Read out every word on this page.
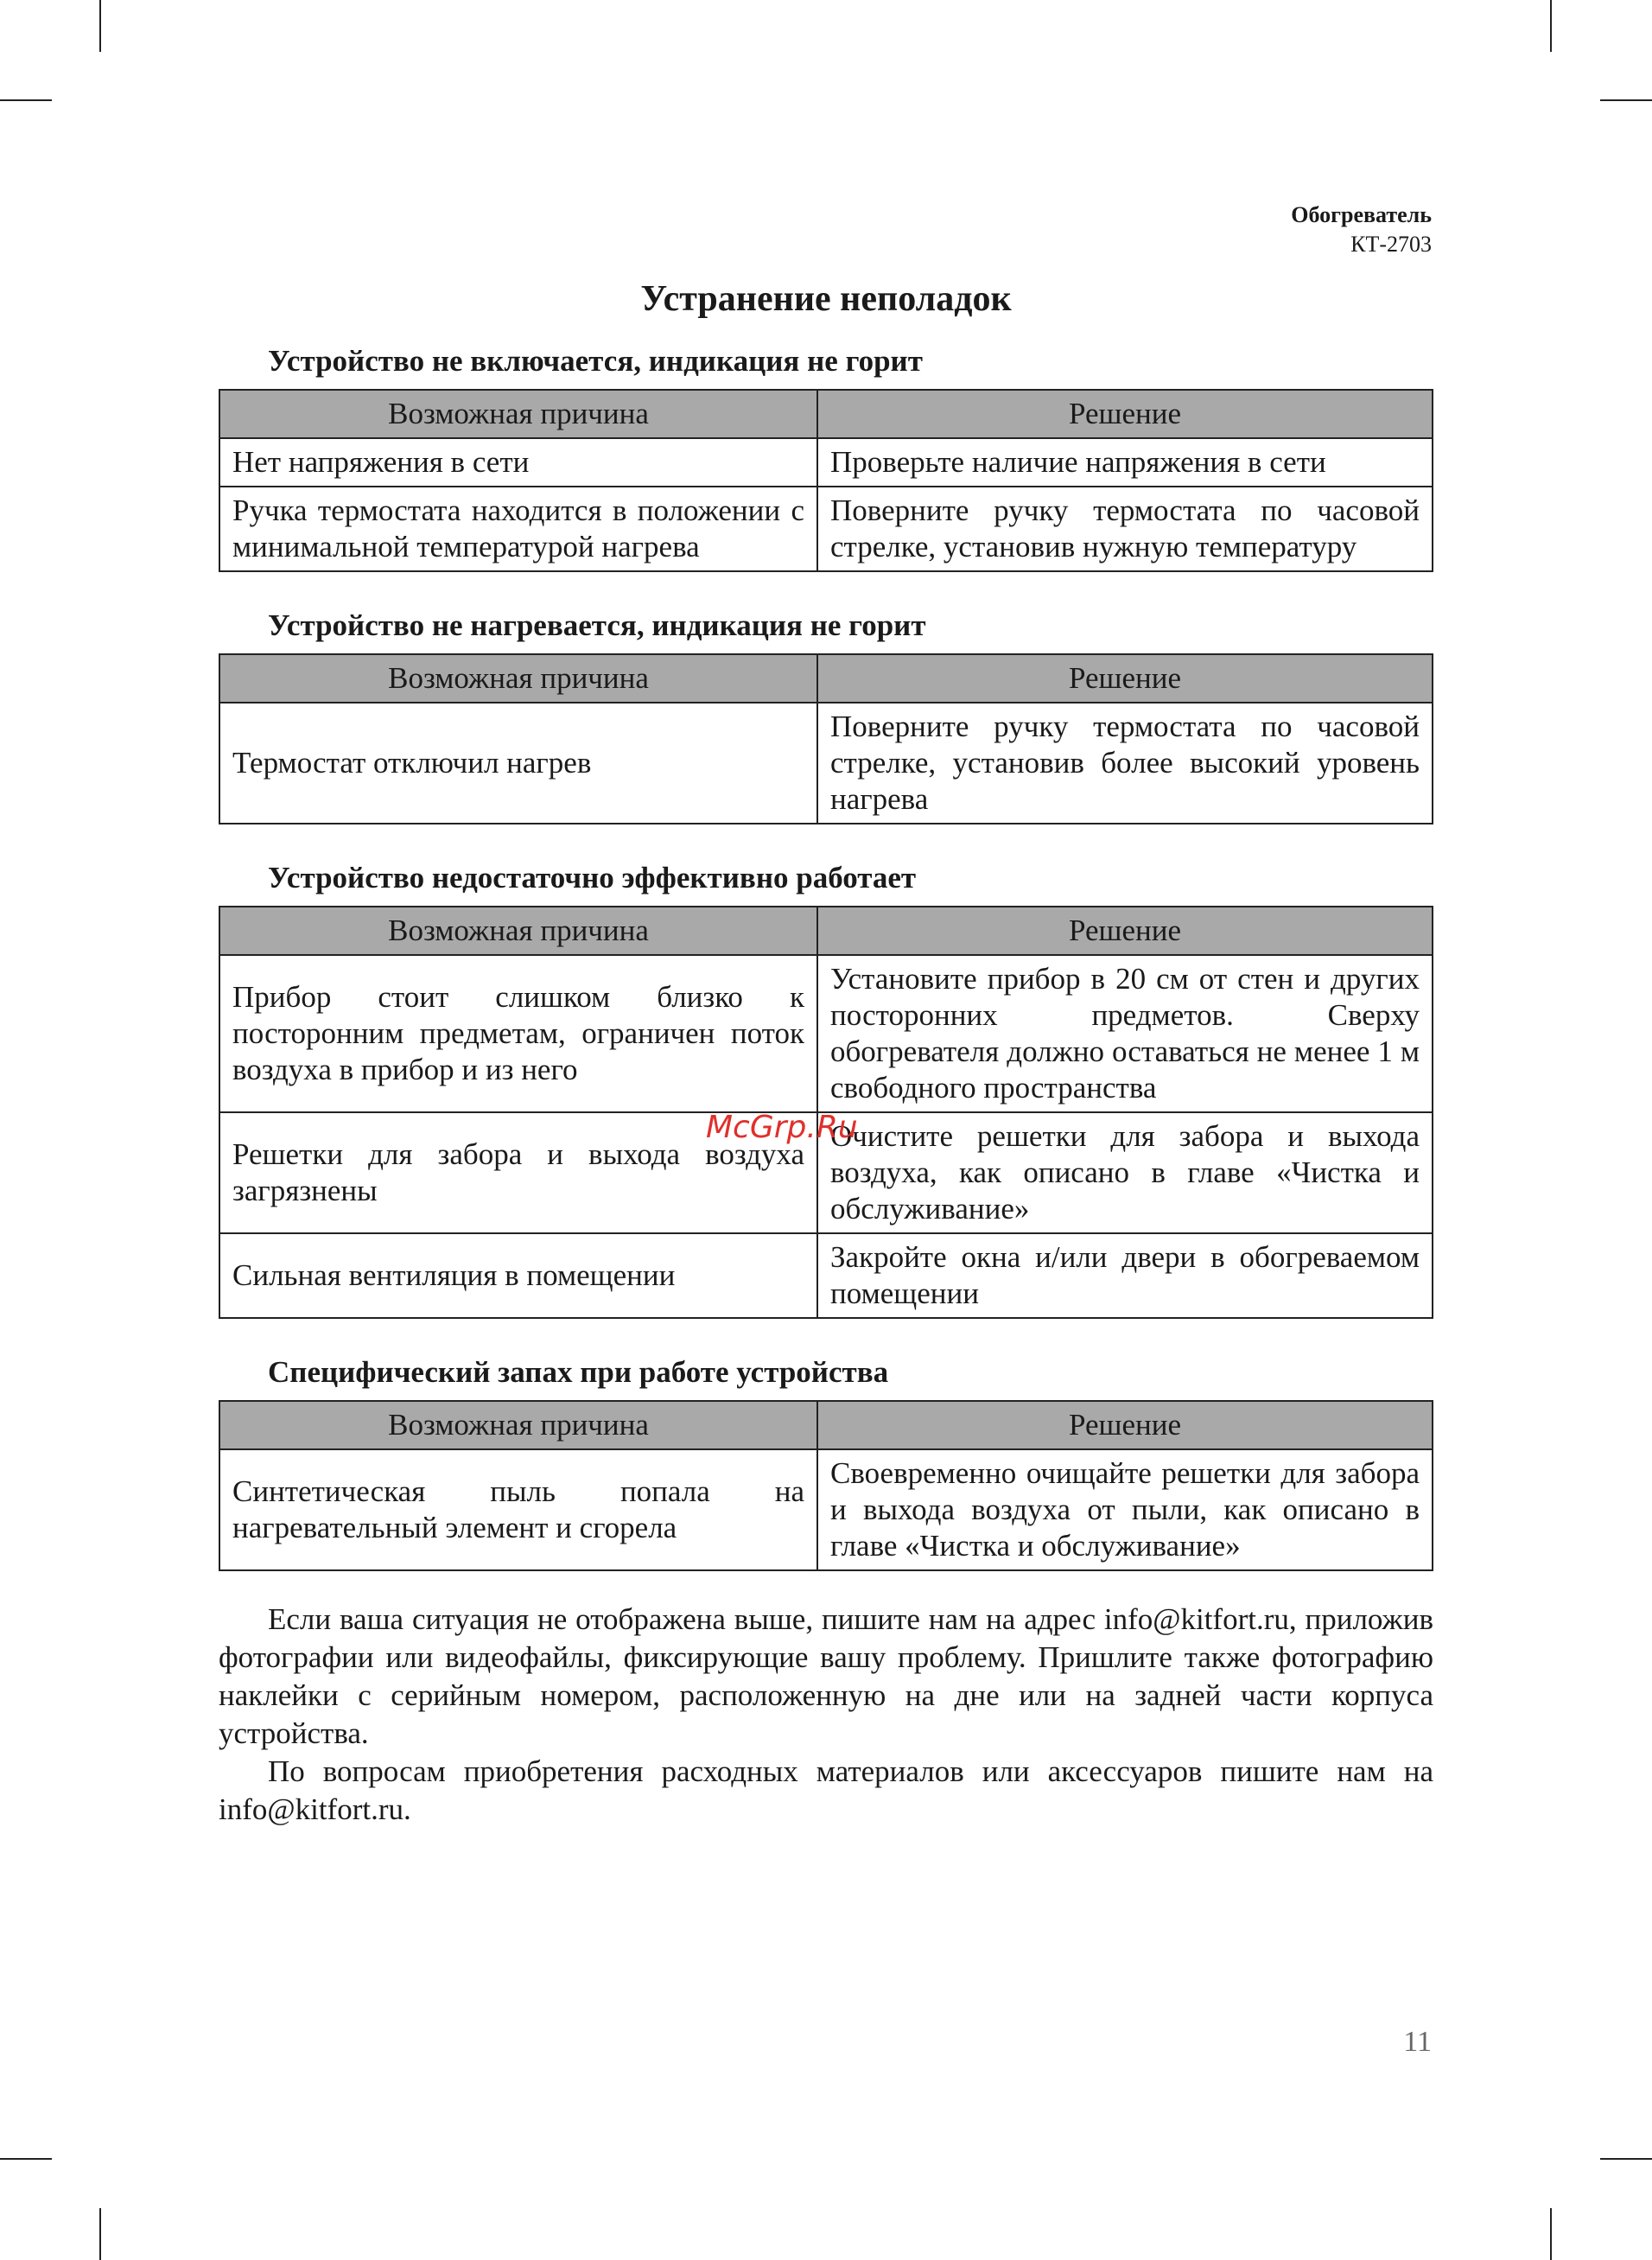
Обогреватель
КТ-2703
Устранение неполадок
Устройство не включается, индикация не горит
Возможная причина	Решение
Нет напряжения в сети	Проверьте наличие напряжения в сети
Ручка термостата находится в положении с минимальной температурой нагрева	Поверните ручку термостата по часовой стрелке, установив нужную температуру
Устройство не нагревается, индикация не горит
Возможная причина	Решение
Термостат отключил нагрев	Поверните ручку термостата по часовой стрелке, установив более высокий уровень нагрева
Устройство недостаточно эффективно работает
Возможная причина	Решение
Прибор стоит слишком близко к посторонним предметам, ограничен поток воздуха в прибор и из него	Установите прибор в 20 см от стен и других посторонних предметов. Сверху обогревателя должно оставаться не менее 1 м свободного пространства
Решетки для забора и выхода воздуха загрязнены	Очистите решетки для забора и выхода воздуха, как описано в главе «Чистка и обслуживание»
Сильная вентиляция в помещении	Закройте окна и/или двери в обогреваемом помещении
Специфический запах при работе устройства
Возможная причина	Решение
Синтетическая пыль попала на нагревательный элемент и сгорела	Своевременно очищайте решетки для забора и выхода воздуха от пыли, как описано в главе «Чистка и обслуживание»

Если ваша ситуация не отображена выше, пишите нам на адрес info@kitfort.ru, приложив фотографии или видеофайлы, фиксирующие вашу проблему. Пришлите также фотографию наклейки с серийным номером, расположенную на дне или на задней части корпуса устройства.

По вопросам приобретения расходных материалов или аксессуаров пишите нам на info@kitfort.ru.

McGrp.Ru
11
